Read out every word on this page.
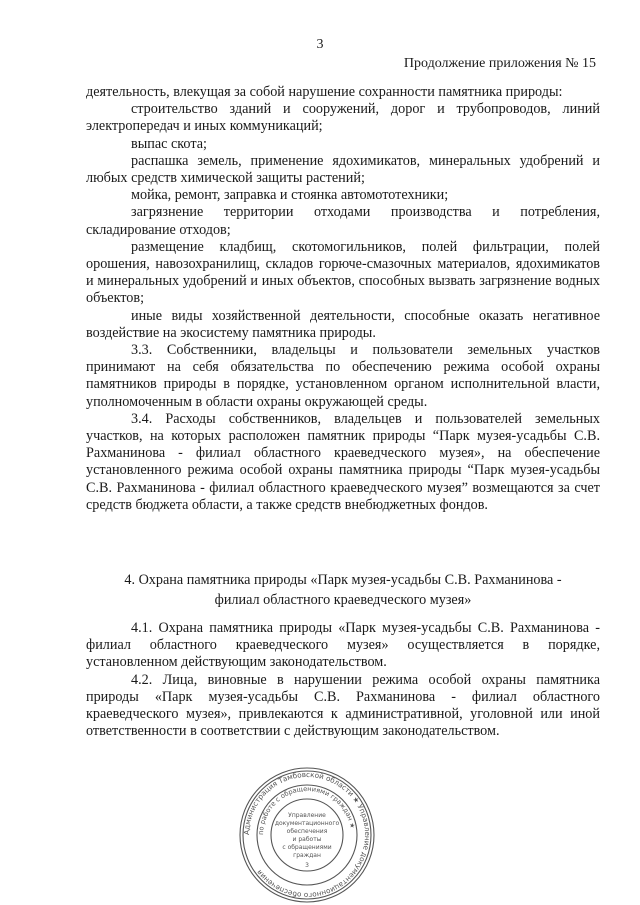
3
Продолжение приложения № 15

деятельность, влекущая за собой нарушение сохранности памятника природы:

строительство зданий и сооружений, дорог и трубопроводов, линий электропередач и иных коммуникаций;

выпас скота;

распашка земель, применение ядохимикатов, минеральных удобрений и любых средств химической защиты растений;

мойка, ремонт, заправка и стоянка автомототехники;

загрязнение территории отходами производства и потребления, складирование отходов;

размещение кладбищ, скотомогильников, полей фильтрации, полей орошения, навозохранилищ, складов горюче-смазочных материалов, ядохимикатов и минеральных удобрений и иных объектов, способных вызвать загрязнение водных объектов;

иные виды хозяйственной деятельности, способные оказать негативное воздействие на экосистему памятника природы.

3.3. Собственники, владельцы и пользователи земельных участков принимают на себя обязательства по обеспечению режима особой охраны памятников природы в порядке, установленном органом исполнительной власти, уполномоченным в области охраны окружающей среды.

3.4. Расходы собственников, владельцев и пользователей земельных участков, на которых расположен памятник природы “Парк музея-усадьбы С.В. Рахманинова - филиал областного краеведческого музея», на обеспечение установленного режима особой охраны памятника природы “Парк музея-усадьбы С.В. Рахманинова - филиал областного краеведческого музея” возмещаются за счет средств бюджета области, а также средств внебюджетных фондов.

4. Охрана памятника природы «Парк музея-усадьбы С.В. Рахманинова -
филиал областного краеведческого музея»

4.1. Охрана памятника природы «Парк музея-усадьбы С.В. Рахманинова - филиал областного краеведческого музея» осуществляется в порядке, установленном действующим законодательством.

4.2. Лица, виновные в нарушении режима особой охраны памятника природы «Парк музея-усадьбы С.В. Рахманинова - филиал областного краеведческого музея», привлекаются к административной, уголовной или иной ответственности в соответствии с действующим законодательством.

Администрация Тамбовской области ★ Управление документационного обеспечения
по работе с обращениями граждан ★
Управление
документационного
обеспечения
и работы
с обращениями
граждан
3
